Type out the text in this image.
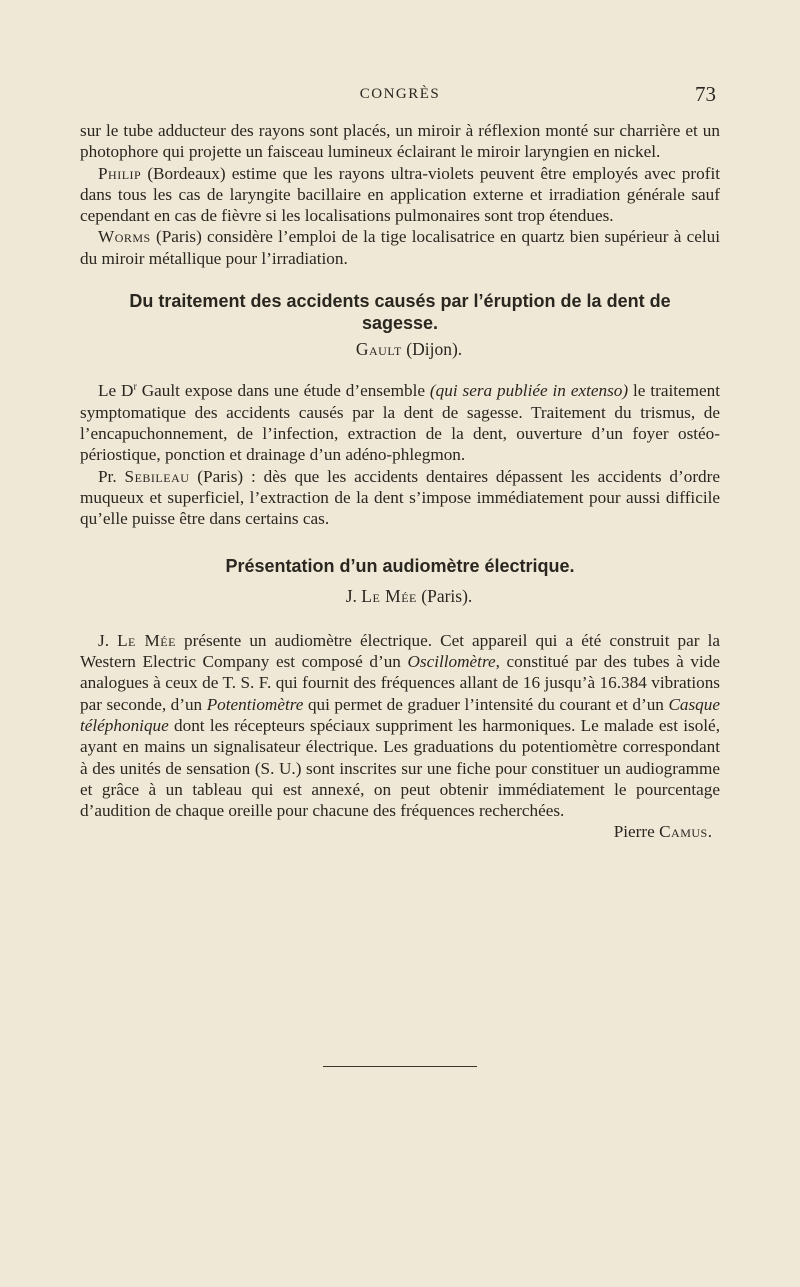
CONGRÈS	73

sur le tube adducteur des rayons sont placés, un miroir à réflexion monté sur charrière et un photophore qui projette un faisceau lumineux éclairant le miroir laryngien en nickel.

Philip (Bordeaux) estime que les rayons ultra-violets peuvent être employés avec profit dans tous les cas de laryngite bacillaire en application externe et irradiation générale sauf cependant en cas de fièvre si les localisations pulmonaires sont trop étendues.

Worms (Paris) considère l’emploi de la tige localisatrice en quartz bien supérieur à celui du miroir métallique pour l’irradiation.

Du traitement des accidents causés par l’éruption de la dent de sagesse.

Gault (Dijon).

Le $D^r$ Gault expose dans une étude d’ensemble (qui sera publiée in extenso) le traitement symptomatique des accidents causés par la dent de sagesse. Traitement du trismus, de l’encapuchonnement, de l’infection, extraction de la dent, ouverture d’un foyer ostéo-périostique, ponction et drainage d’un adéno-phlegmon.

Pr. Sebileau (Paris) : dès que les accidents dentaires dépassent les accidents d’ordre muqueux et superficiel, l’extraction de la dent s’impose immédiatement pour aussi difficile qu’elle puisse être dans certains cas.

Présentation d’un audiomètre électrique.

J. Le Mée (Paris).

J. Le Mée présente un audiomètre électrique. Cet appareil qui a été construit par la Western Electric Company est composé d’un Oscillomètre, constitué par des tubes à vide analogues à ceux de T. S. F. qui fournit des fréquences allant de 16 jusqu’à 16.384 vibrations par seconde, d’un Potentiomètre qui permet de graduer l’intensité du courant et d’un Casque téléphonique dont les récepteurs spéciaux suppriment les harmoniques. Le malade est isolé, ayant en mains un signalisateur électrique. Les graduations du potentiomètre correspondant à des unités de sensation (S. U.) sont inscrites sur une fiche pour constituer un audiogramme et grâce à un tableau qui est annexé, on peut obtenir immédiatement le pourcentage d’audition de chaque oreille pour chacune des fréquences recherchées.

Pierre Camus.
